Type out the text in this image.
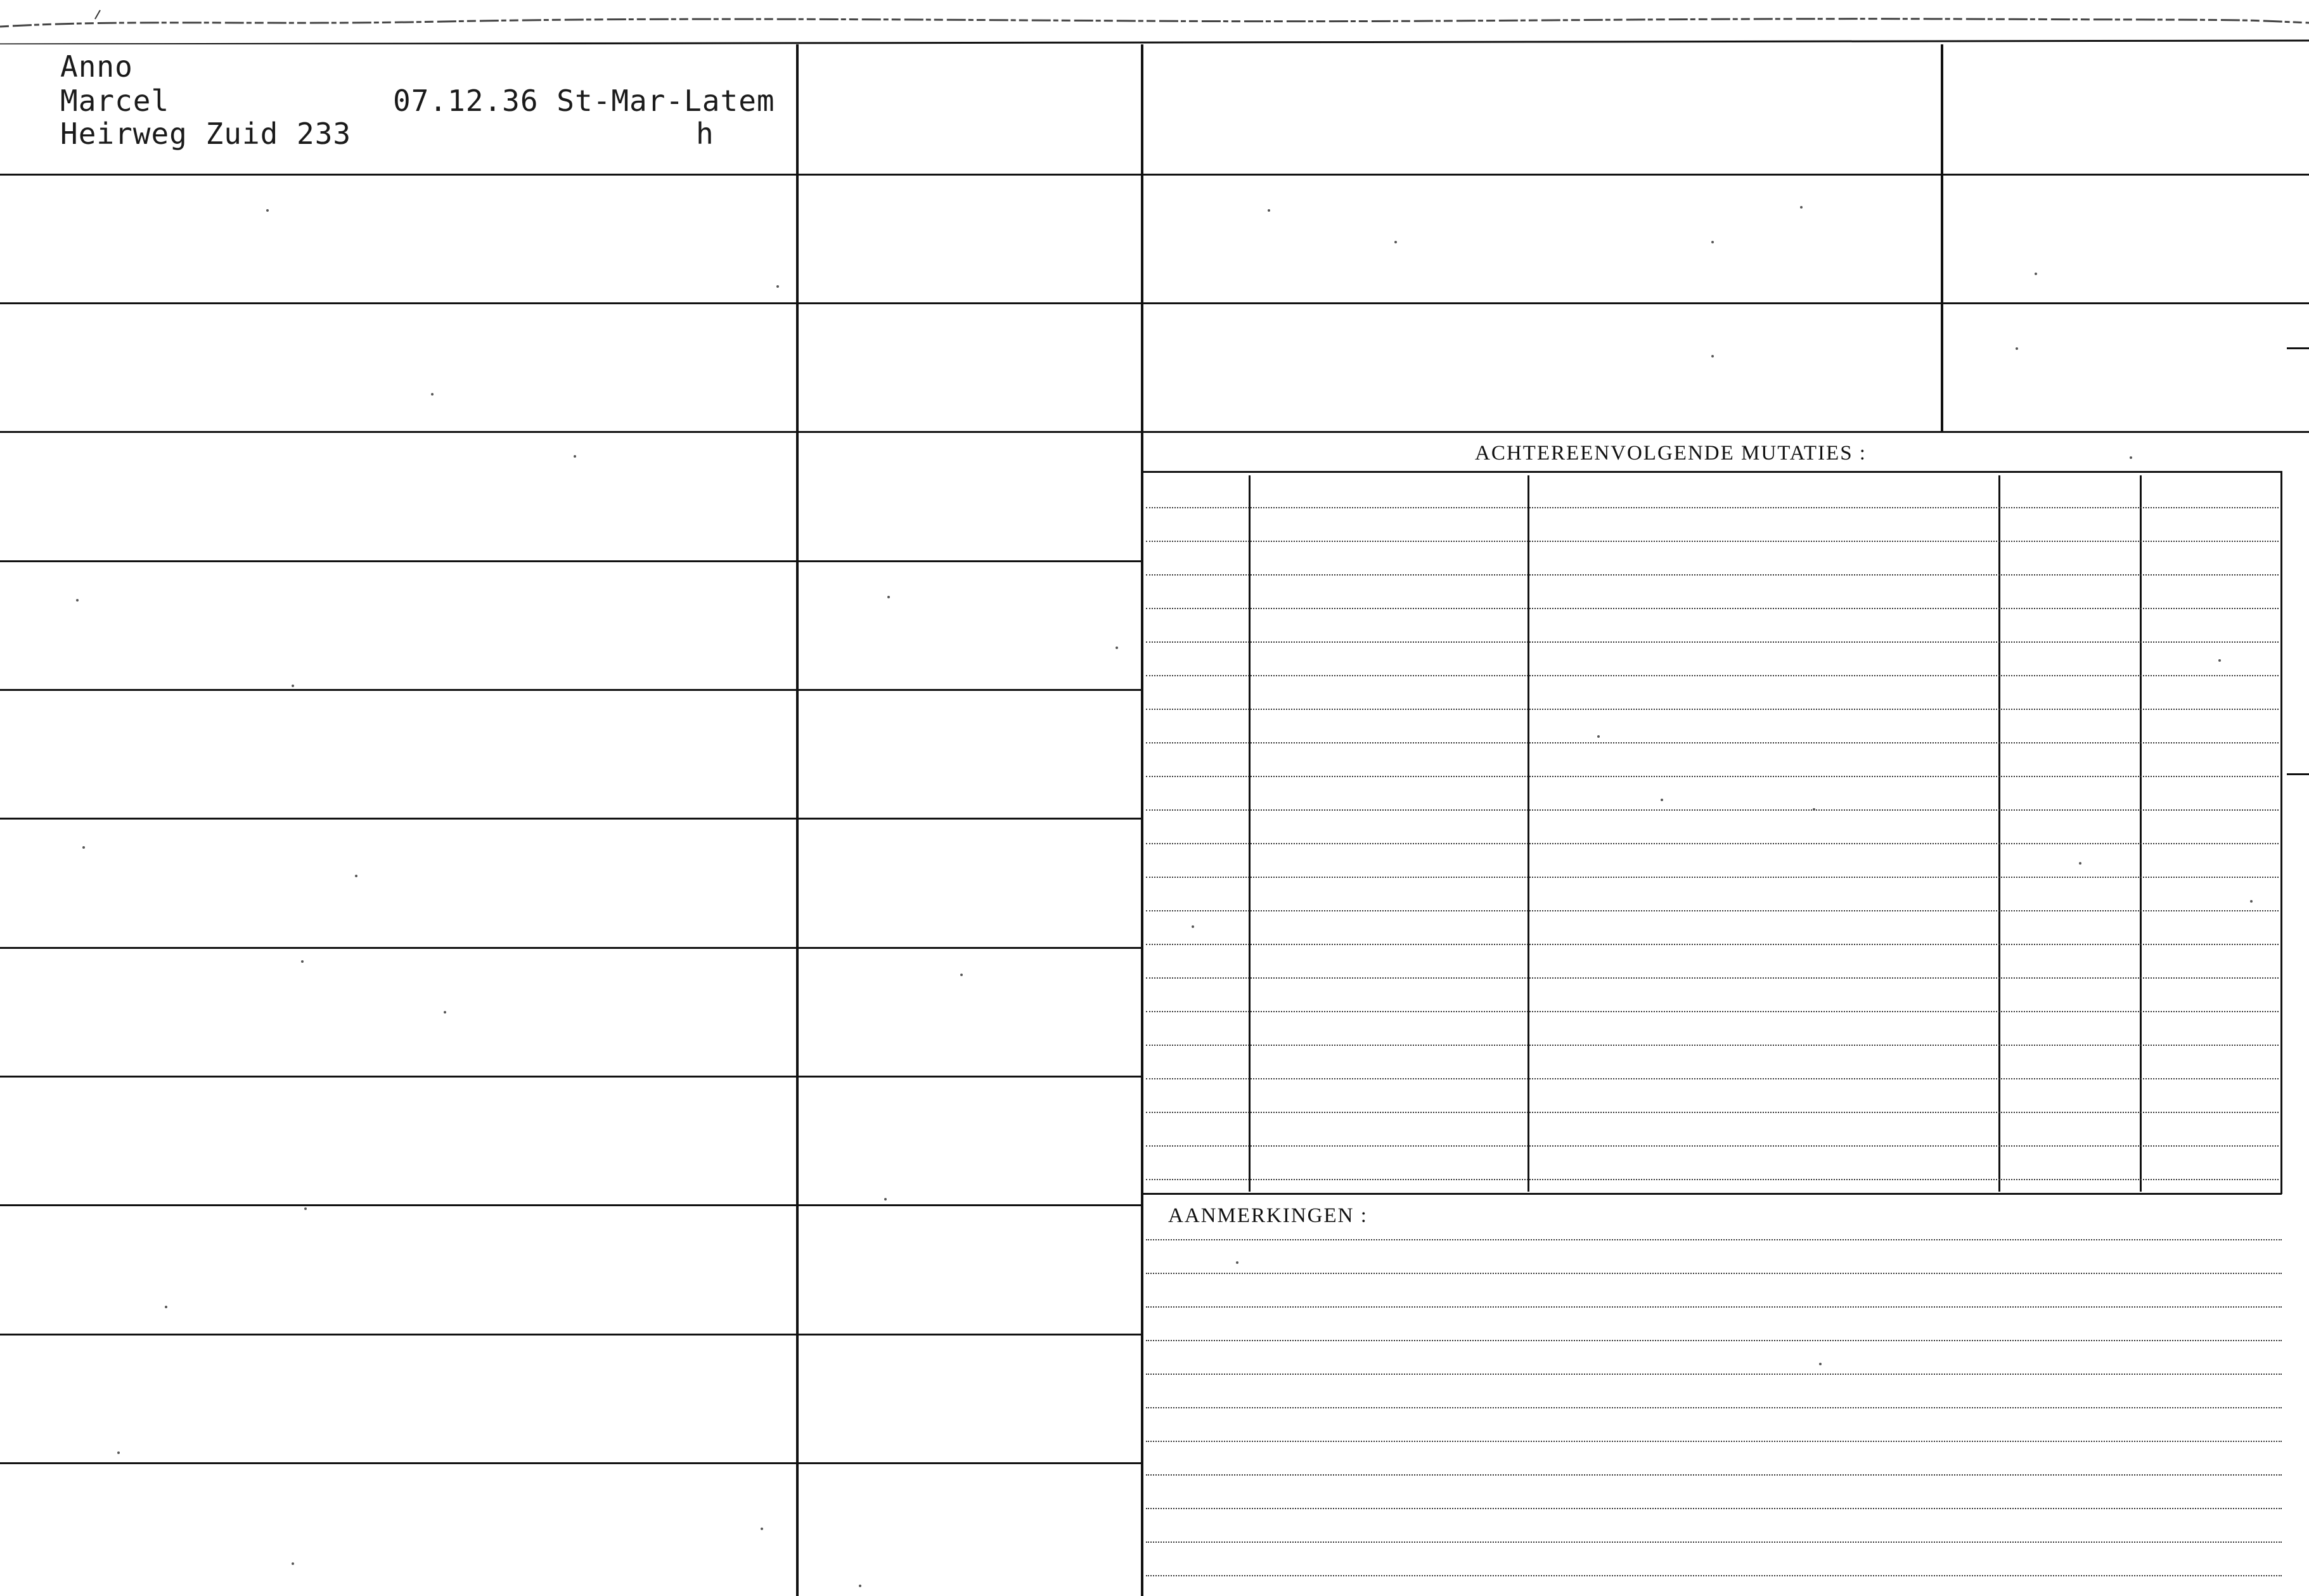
Anno
Marcel
Heirweg Zuid 233
07.12.36 St-Mar-Latem
h
ACHTEREENVOLGENDE MUTATIES :
AANMERKINGEN :
